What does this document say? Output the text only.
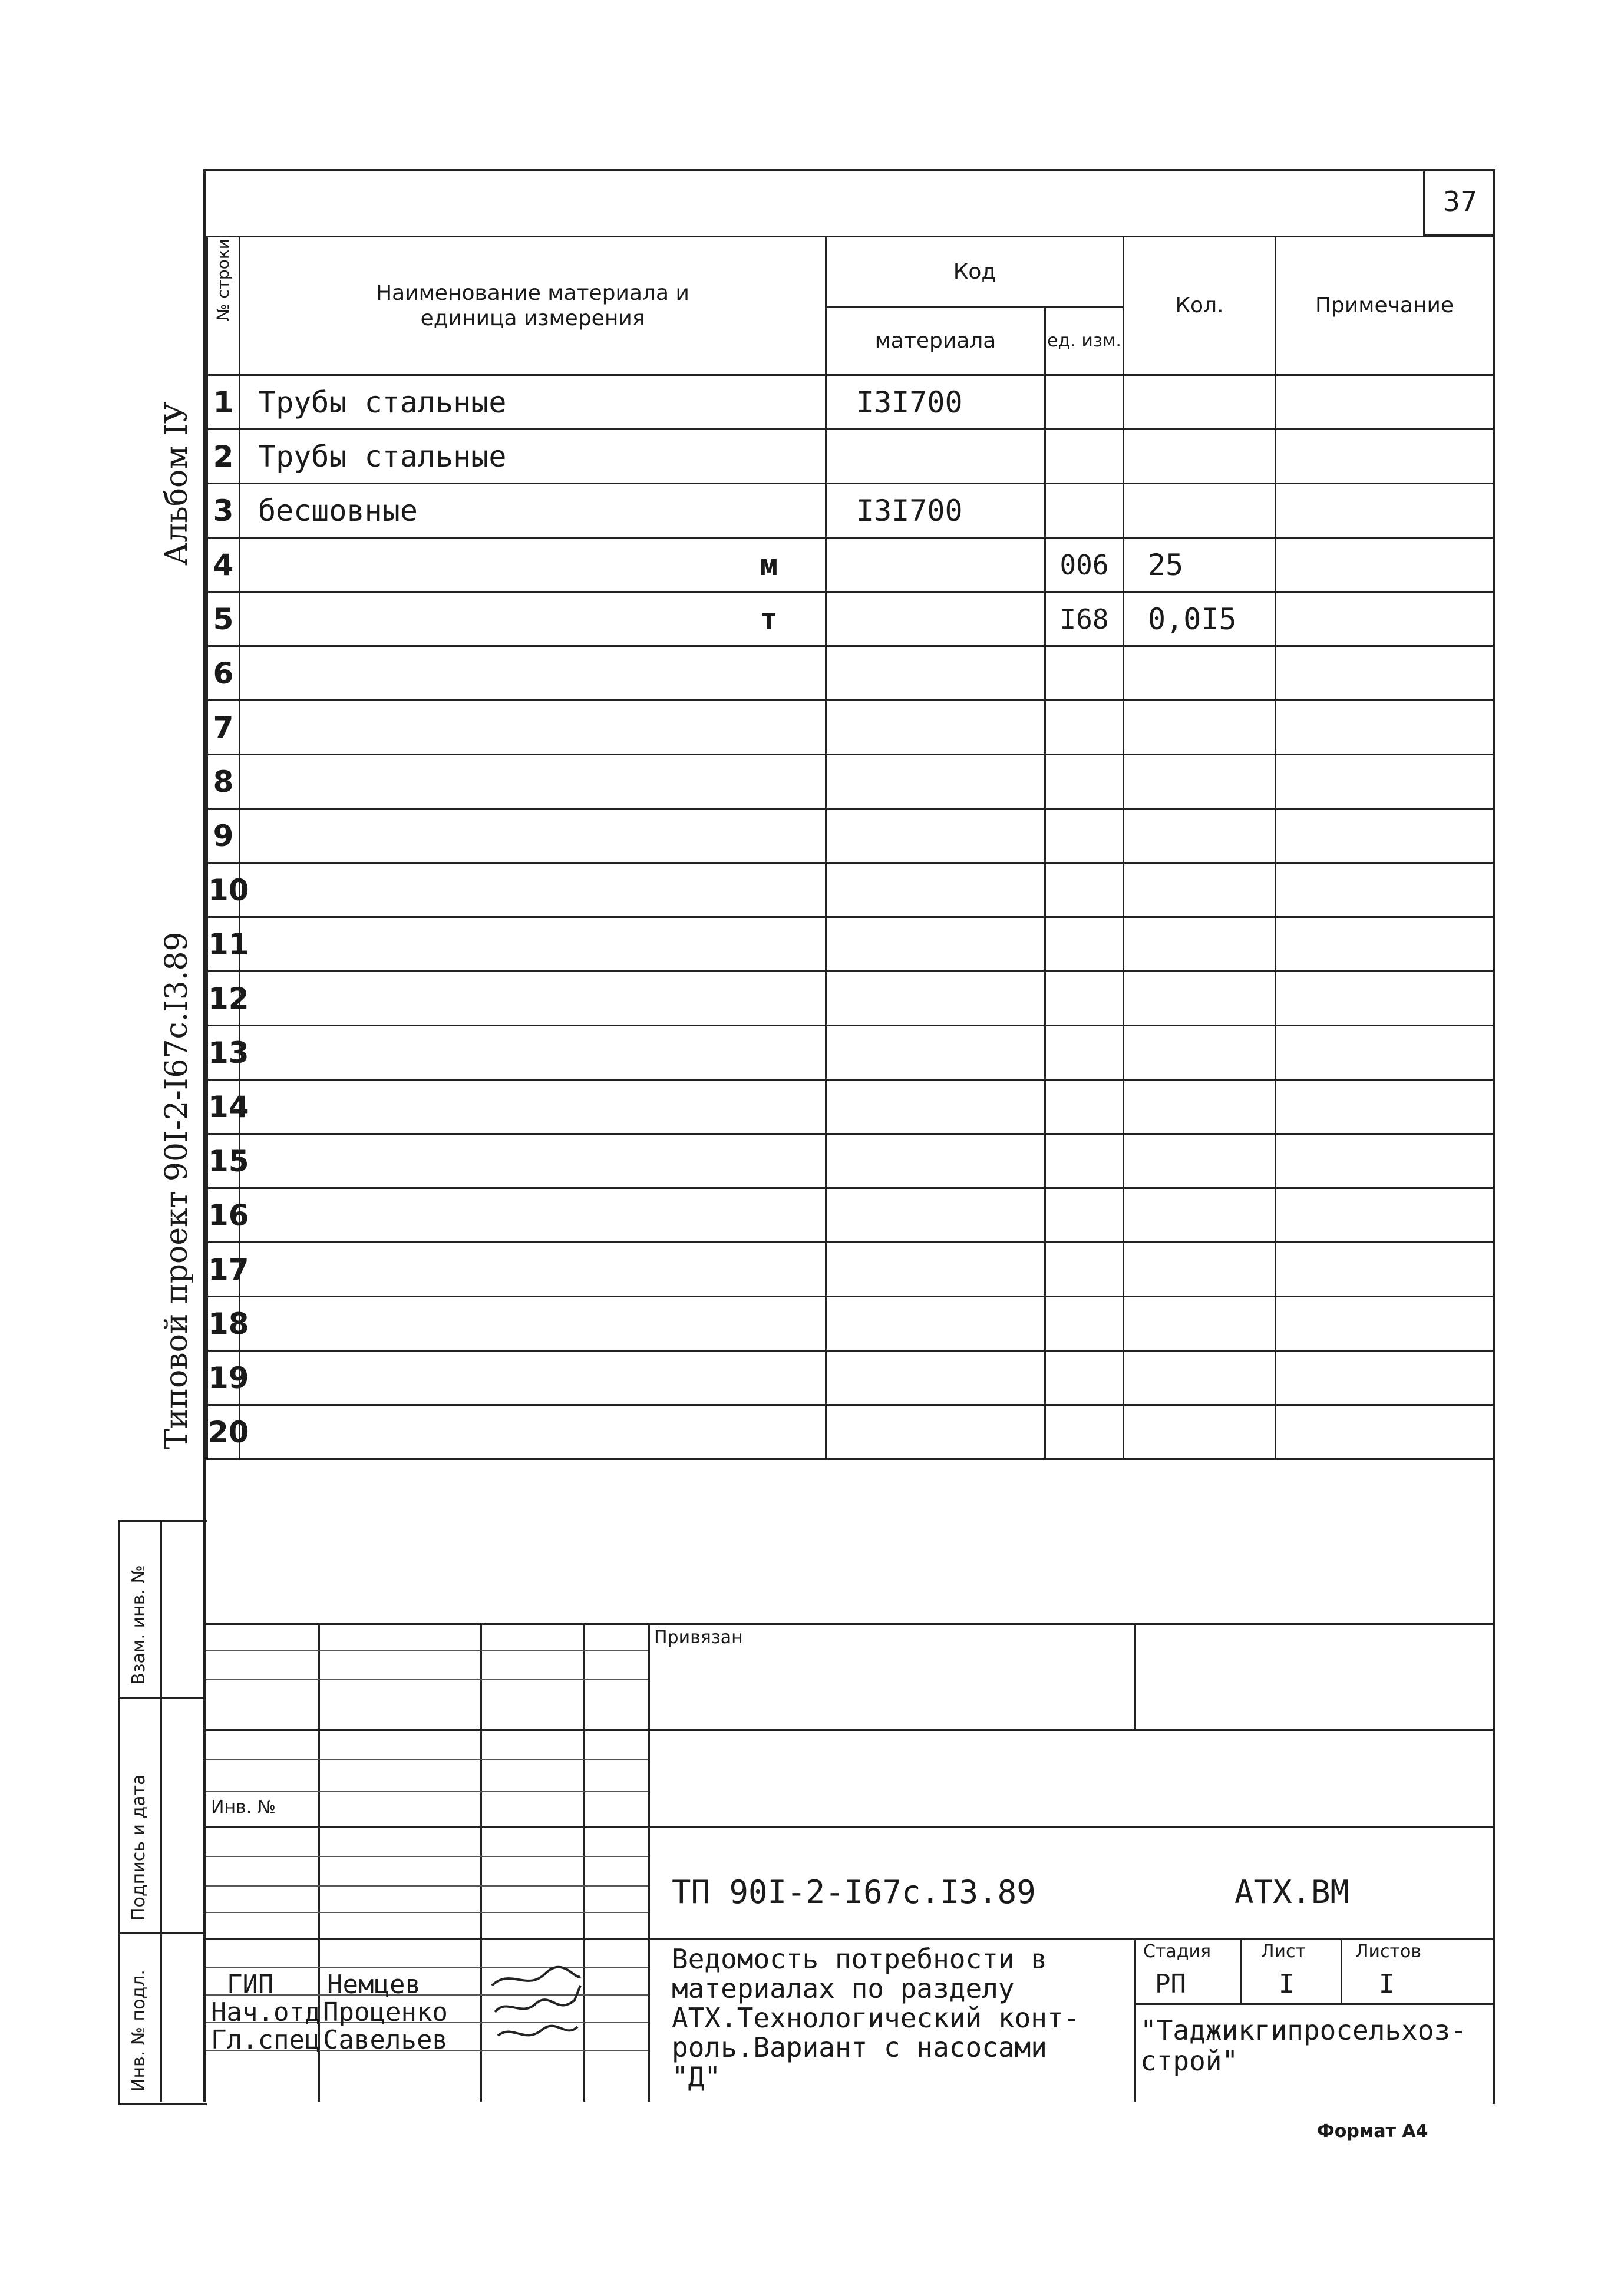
37
Альбом IУ
Типовой проект 90I-2-I67c.I3.89
№ строки	Наименование материала и единица измерения	Код		Кол.	Примечание
		материала	ед. изм.		
1	Трубы стальные	I3I700			
2	Трубы стальные				
3	бесшовные	I3I700			
4	м		006	25	
5	т		I68	0,0I5	
6					
7					
8					
9					
10					
11					
12					
13					
14					
15					
16					
17					
18					
19					
20					
Взам. инв. №
Подпись и дата
Инв. № подл.
Привязан
Инв. №
ТП 90I-2-I67c.I3.89	АТХ.ВМ
Ведомость потребности в
материалах по разделу
АТХ.Технологический конт-
роль.Вариант с насосами
"Д"
Стадия	Лист	Листов
РП	I	I
"Таджикгипросельхоз-
строй"
ГИП Немцев
Нач.отд Проценко
Гл.спец Савельев
Формат А4
